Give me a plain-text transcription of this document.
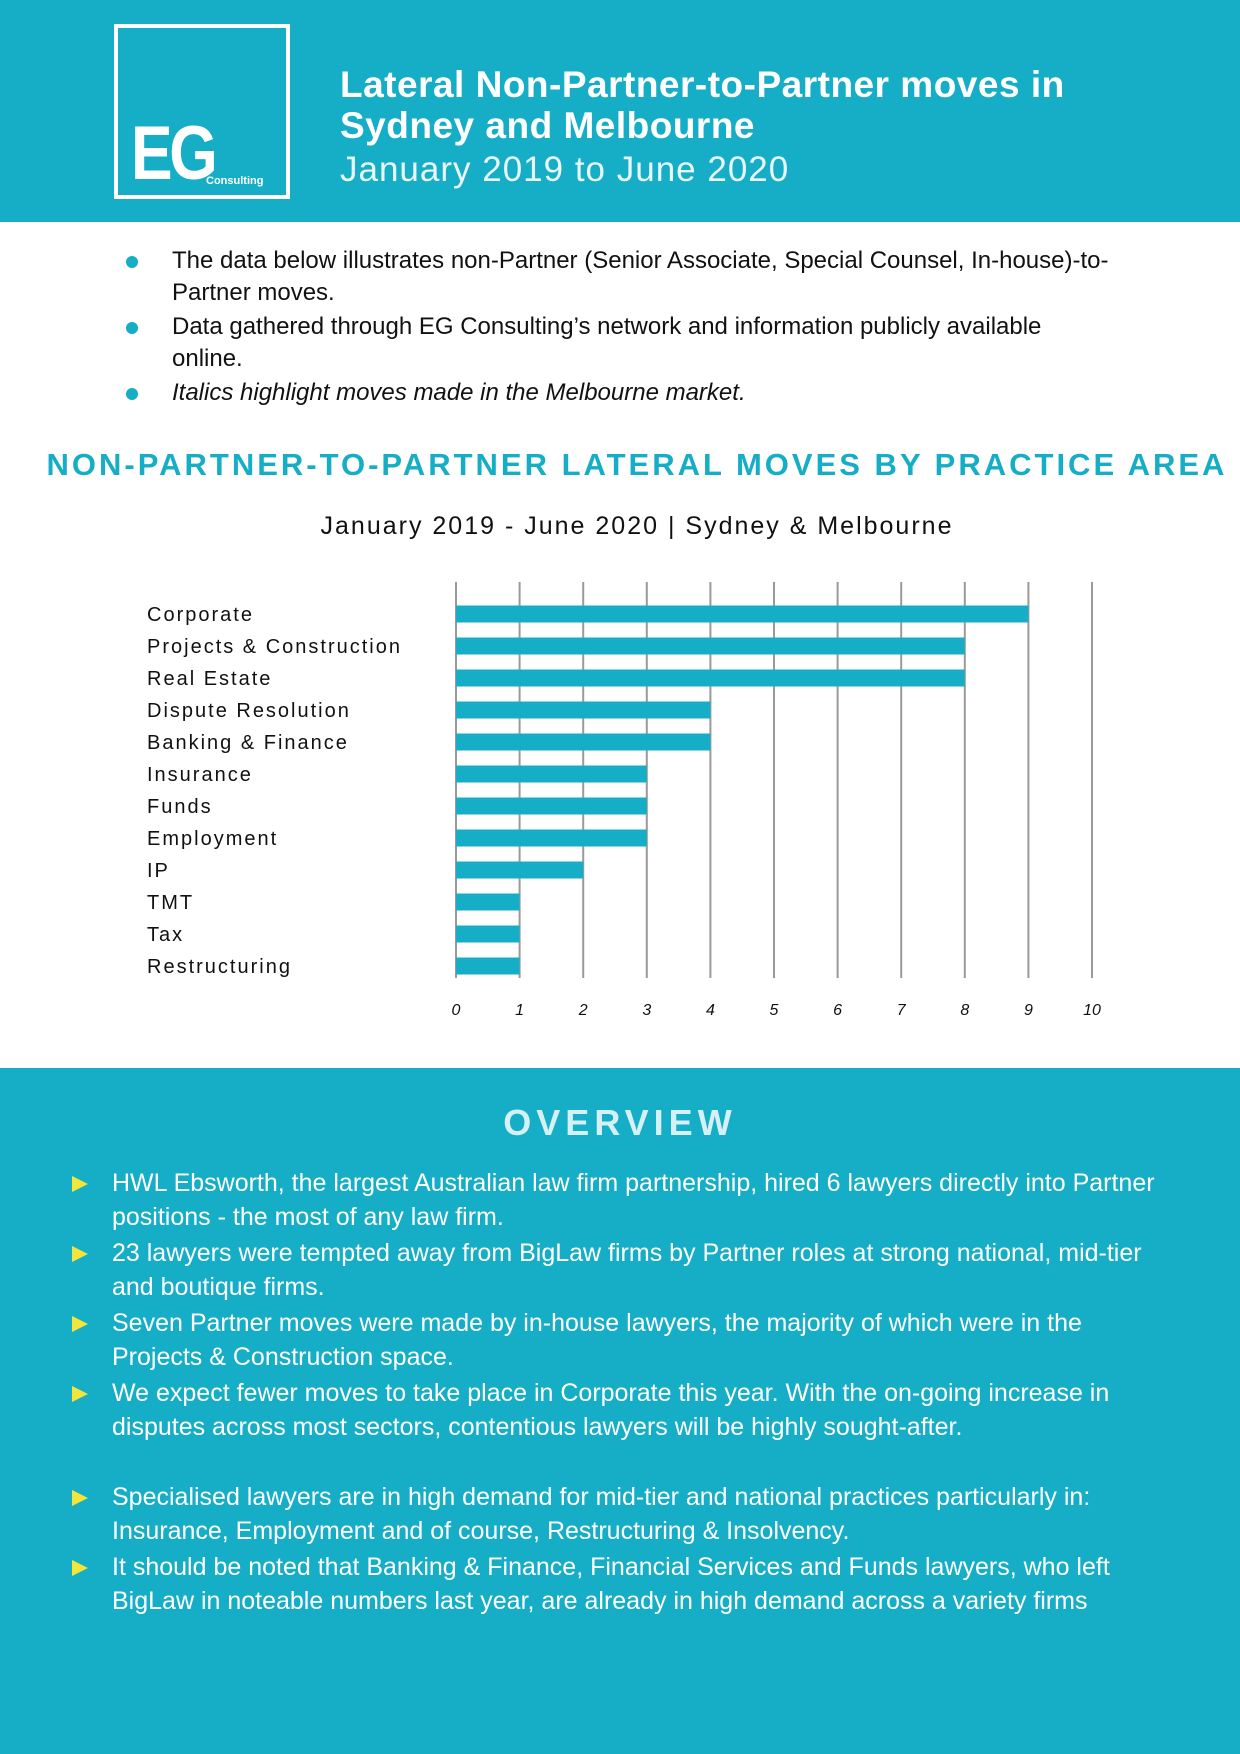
EG
Consulting
Lateral Non-Partner-to-Partner moves in Sydney and Melbourne
January 2019 to June 2020
The data below illustrates non-Partner (Senior Associate, Special Counsel, In-house)-to-Partner moves.
Data gathered through EG Consulting’s network and information publicly available online.
Italics highlight moves made in the Melbourne market.
NON-PARTNER-TO-PARTNER LATERAL MOVES BY PRACTICE AREA
January 2019 - June 2020 | Sydney & Melbourne
0	1	2	3	4	5	6	7	8	9	10
Corporate
Projects & Construction
Real Estate
Dispute Resolution
Banking & Finance
Insurance
Funds
Employment
IP
TMT
Tax
Restructuring
OVERVIEW
HWL Ebsworth, the largest Australian law firm partnership, hired 6 lawyers directly into Partner positions - the most of any law firm.
23 lawyers were tempted away from BigLaw firms by Partner roles at strong national, mid-tier and boutique firms.
Seven Partner moves were made by in-house lawyers, the majority of which were in the Projects & Construction space.
We expect fewer moves to take place in Corporate this year. With the on-going increase in disputes across most sectors, contentious lawyers will be highly sought-after.
Specialised lawyers are in high demand for mid-tier and national practices particularly in: Insurance, Employment and of course, Restructuring & Insolvency.
It should be noted that Banking & Finance, Financial Services and Funds lawyers, who left BigLaw in noteable numbers last year, are already in high demand across a variety firms
